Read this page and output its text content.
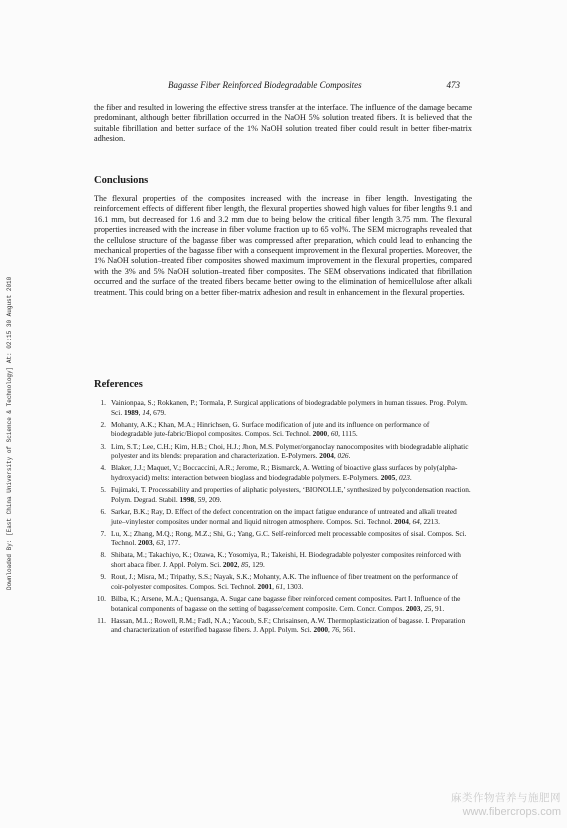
Bagasse Fiber Reinforced Biodegradable Composites	473

the fiber and resulted in lowering the effective stress transfer at the interface. The influence of the damage became predominant, although better fibrillation occurred in the NaOH 5% solution treated fibers. It is believed that the suitable fibrillation and better surface of the 1% NaOH solution treated fiber could result in better fiber-matrix adhesion.

Conclusions

The flexural properties of the composites increased with the increase in fiber length. Investigating the reinforcement effects of different fiber length, the flexural properties showed high values for fiber lengths 9.1 and 16.1 mm, but decreased for 1.6 and 3.2 mm due to being below the critical fiber length 3.75 mm. The flexural properties increased with the increase in fiber volume fraction up to 65 vol%. The SEM micrographs revealed that the cellulose structure of the bagasse fiber was compressed after preparation, which could lead to enhancing the mechanical properties of the bagasse fiber with a consequent improvement in the flexural properties. Moreover, the 1% NaOH solution–treated fiber composites showed maximum improvement in the flexural properties, compared with the 3% and 5% NaOH solution–treated fiber composites. The SEM observations indicated that fibrillation occurred and the surface of the treated fibers became better owing to the elimination of hemicellulose after alkali treatment. This could bring on a better fiber-matrix adhesion and result in enhancement in the flexural properties.

References
1. Vainionpaa, S.; Rokkanen, P.; Tormala, P. Surgical applications of biodegradable polymers in human tissues. Prog. Polym. Sci. 1989, 14, 679.
2. Mohanty, A.K.; Khan, M.A.; Hinrichsen, G. Surface modification of jute and its influence on performance of biodegradable jute-fabric/Biopol composites. Compos. Sci. Technol. 2000, 60, 1115.
3. Lim, S.T.; Lee, C.H.; Kim, H.B.; Choi, H.J.; Jhon, M.S. Polymer/organoclay nanocomposites with biodegradable aliphatic polyester and its blends: preparation and characterization. E-Polymers. 2004, 026.
4. Blaker, J.J.; Maquet, V.; Boccaccini, A.R.; Jerome, R.; Bismarck, A. Wetting of bioactive glass surfaces by poly(alpha-hydroxyacid) melts: interaction between bioglass and biodegradable polymers. E-Polymers. 2005, 023.
5. Fujimaki, T. Processability and properties of aliphatic polyesters, ‘BIONOLLE,’ synthesized by polycondensation reaction. Polym. Degrad. Stabil. 1998, 59, 209.
6. Sarkar, B.K.; Ray, D. Effect of the defect concentration on the impact fatigue endurance of untreated and alkali treated jute–vinylester composites under normal and liquid nitrogen atmosphere. Compos. Sci. Technol. 2004, 64, 2213.
7. Lu, X.; Zhang, M.Q.; Rong, M.Z.; Shi, G.; Yang, G.C. Self-reinforced melt processable composites of sisal. Compos. Sci. Technol. 2003, 63, 177.
8. Shibata, M.; Takachiyo, K.; Ozawa, K.; Yosomiya, R.; Takeishi, H. Biodegradable polyester composites reinforced with short abaca fiber. J. Appl. Polym. Sci. 2002, 85, 129.
9. Rout, J.; Misra, M.; Tripathy, S.S.; Nayak, S.K.; Mohanty, A.K. The influence of fiber treatment on the performance of coir-polyester composites. Compos. Sci. Technol. 2001, 61, 1303.
10. Bilba, K.; Arsene, M.A.; Quensanga, A. Sugar cane bagasse fiber reinforced cement composites. Part I. Influence of the botanical components of bagasse on the setting of bagasse/cement composite. Cem. Concr. Compos. 2003, 25, 91.
11. Hassan, M.L.; Rowell, R.M.; Fadl, N.A.; Yacoub, S.F.; Chrisainsen, A.W. Thermoplasticization of bagasse. I. Preparation and characterization of esterified bagasse fibers. J. Appl. Polym. Sci. 2000, 76, 561.
Downloaded By: [East China University of Science & Technology] At: 02:15 30 August 2010
麻类作物营养与施肥网
www.fibercrops.com
